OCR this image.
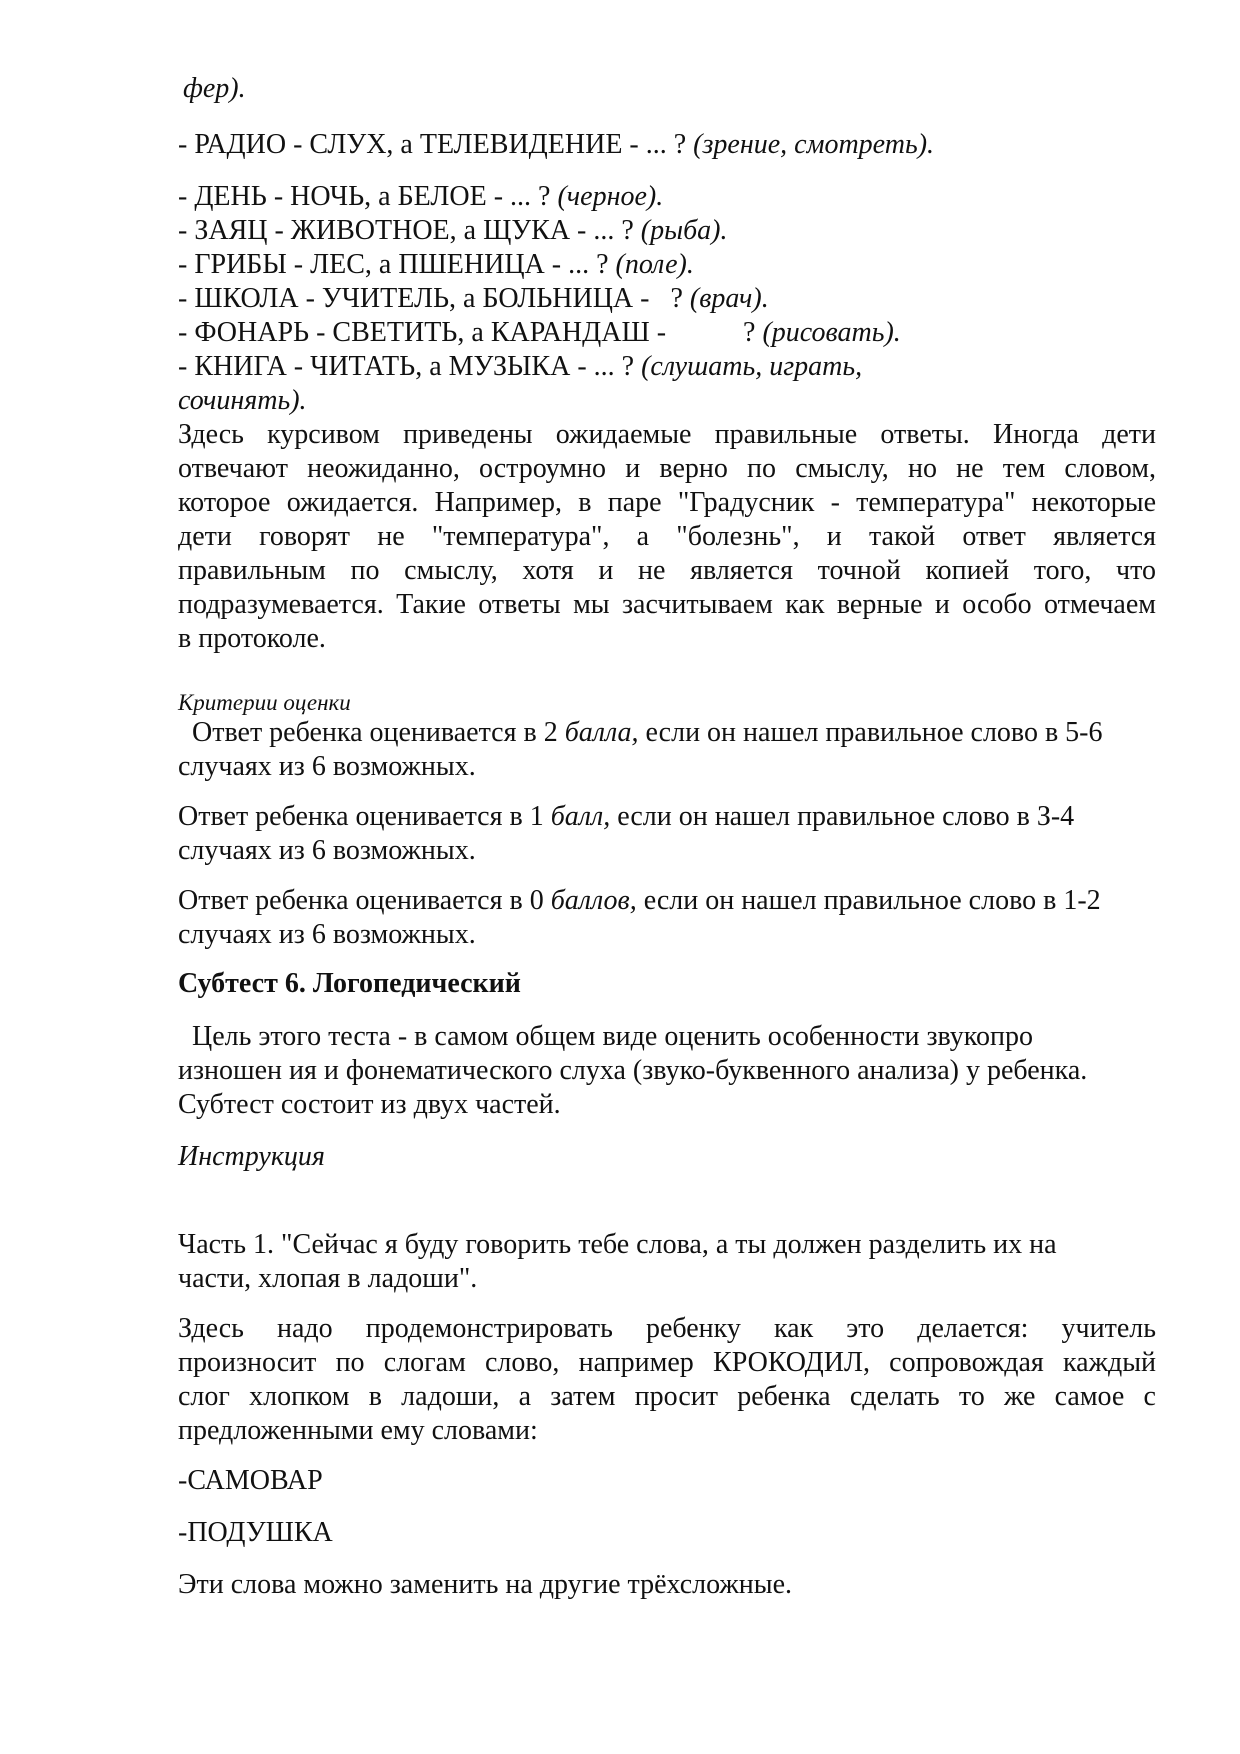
фер).

- РАДИО - СЛУХ, а ТЕЛЕВИДЕНИЕ - ... ? (зрение, смотреть).

- ДЕНЬ - НОЧЬ, а БЕЛОЕ - ... ? (черное).

- ЗАЯЦ - ЖИВОТНОЕ, а ЩУКА - ... ? (рыба).

- ГРИБЫ - ЛЕС, а ПШЕНИЦА - ... ? (поле).

- ШКОЛА - УЧИТЕЛЬ, а БОЛЬНИЦА -   ? (врач).

- ФОНАРЬ - СВЕТИТЬ, а КАРАНДАШ -           ? (рисовать).

- КНИГА - ЧИТАТЬ, а МУЗЫКА - ... ? (слушать, играть,

сочинять).

Здесь курсивом приведены ожидаемые правильные ответы. Иногда дети
отвечают неожиданно, остроумно и верно по смыслу, но не тем словом,
которое ожидается. Например, в паре "Градусник - температура" некоторые
дети говорят не "температура", а "болезнь", и такой ответ является
правильным по смыслу, хотя и не является точной копией того, что
подразумевается. Такие ответы мы засчитываем как верные и особо отмечаем
в протоколе.

Критерии оценки

Ответ ребенка оценивается в 2 балла, если он нашел правильное слово в 5-6

случаях из 6 возможных.

Ответ ребенка оценивается в 1 балл, если он нашел правильное слово в З-4

случаях из 6 возможных.

Ответ ребенка оценивается в 0 баллов, если он нашел правильное слово в 1-2

случаях из 6 возможных.

Субтест 6. Логопедический

Цель этого теста - в самом общем виде оценить особенности звукопро

изношен ия и фонематического слуха (звуко-буквенного анализа) у ребенка.

Субтест состоит из двух частей.

Инструкция

Часть 1. "Сейчас я буду говорить тебе слова, а ты должен разделить их на

части, хлопая в ладоши".

Здесь надо продемонстрировать ребенку как это делается: учитель
произносит по слогам слово, например КРОКОДИЛ, сопровождая каждый
слог хлопком в ладоши, а затем просит ребенка сделать то же самое с
предложенными ему словами:

-САМОВАР

-ПОДУШКА

Эти слова можно заменить на другие трёхсложные.
